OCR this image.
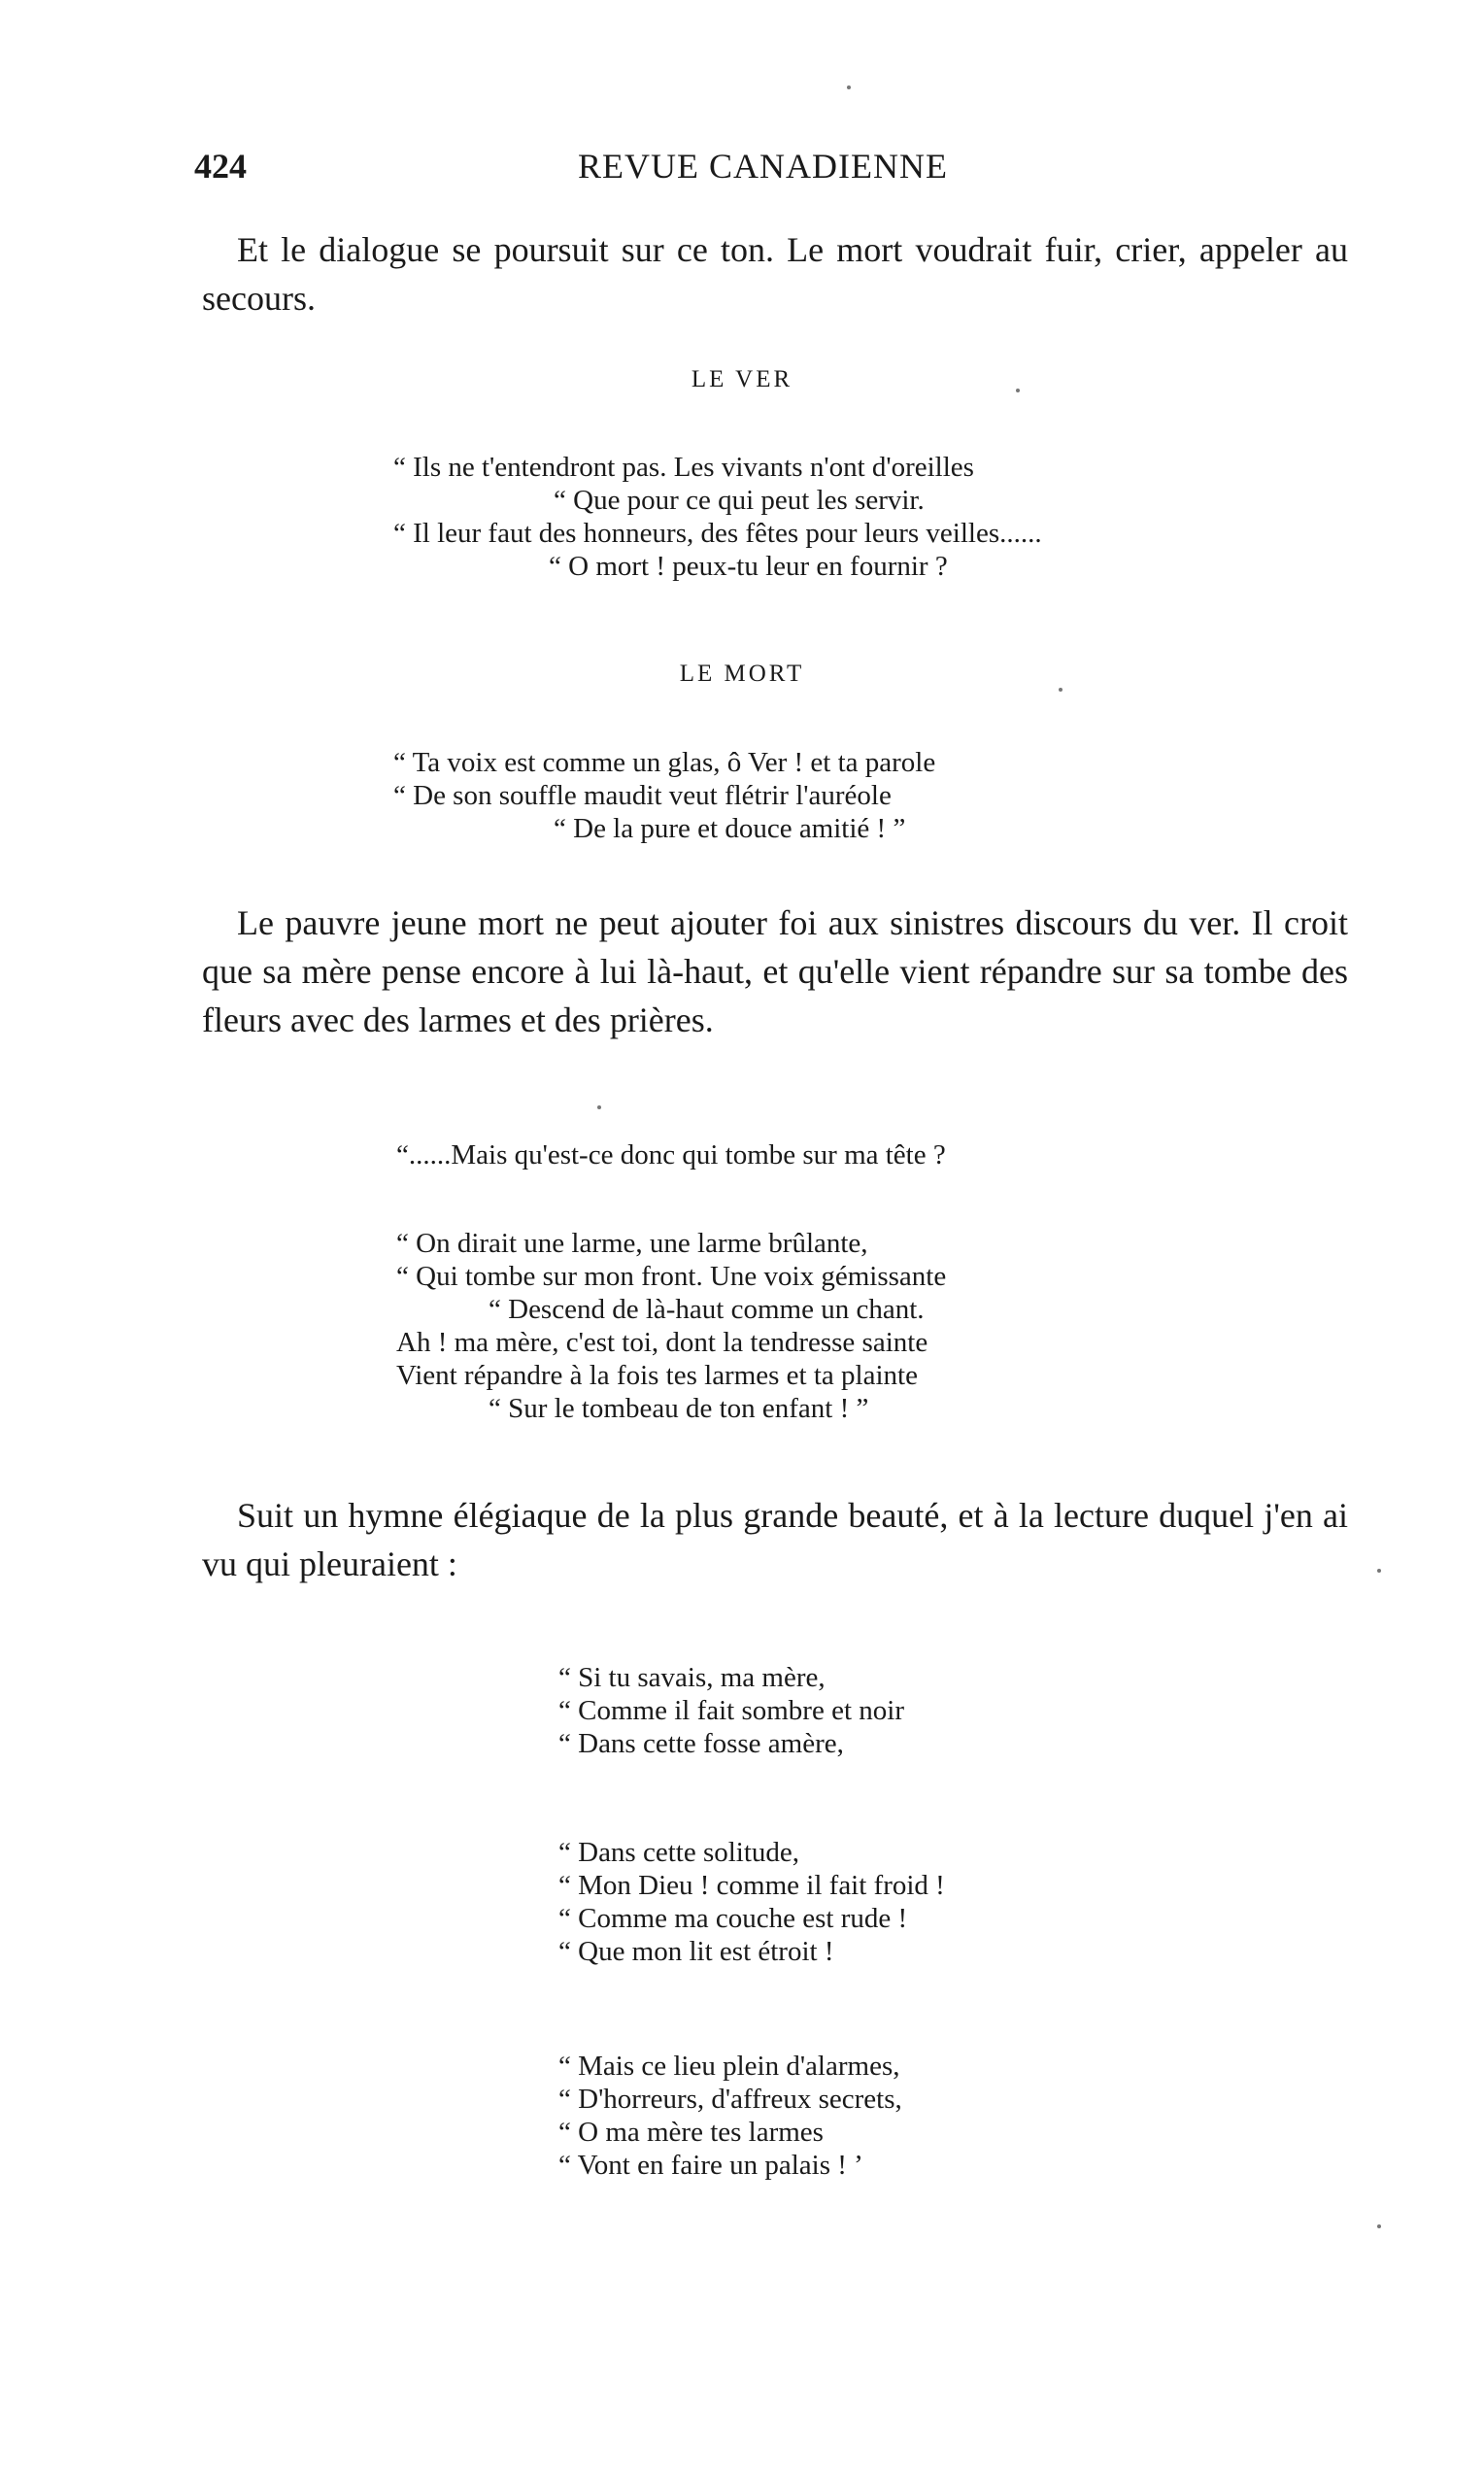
424	REVUE CANADIENNE

Et le dialogue se poursuit sur ce ton. Le mort voudrait fuir, crier, appeler au secours.

LE VER
“ Ils ne t'entendront pas. Les vivants n'ont d'oreilles
“ Que pour ce qui peut les servir.
“ Il leur faut des honneurs, des fêtes pour leurs veilles......
“ O mort ! peux-tu leur en fournir ?
LE MORT
“ Ta voix est comme un glas, ô Ver ! et ta parole
“ De son souffle maudit veut flétrir l'auréole
“ De la pure et douce amitié ! ”

Le pauvre jeune mort ne peut ajouter foi aux sinistres discours du ver. Il croit que sa mère pense encore à lui là-haut, et qu'elle vient répandre sur sa tombe des fleurs avec des larmes et des prières.

“......Mais qu'est-ce donc qui tombe sur ma tête ?
“ On dirait une larme, une larme brûlante,
“ Qui tombe sur mon front. Une voix gémissante
“ Descend de là-haut comme un chant.
Ah ! ma mère, c'est toi, dont la tendresse sainte
Vient répandre à la fois tes larmes et ta plainte
“ Sur le tombeau de ton enfant ! ”

Suit un hymne élégiaque de la plus grande beauté, et à la lecture duquel j'en ai vu qui pleuraient :

“ Si tu savais, ma mère,
“ Comme il fait sombre et noir
“ Dans cette fosse amère,
“ Dans cette solitude,
“ Mon Dieu ! comme il fait froid !
“ Comme ma couche est rude !
“ Que mon lit est étroit !
“ Mais ce lieu plein d'alarmes,
“ D'horreurs, d'affreux secrets,
“ O ma mère tes larmes
“ Vont en faire un palais ! ’
